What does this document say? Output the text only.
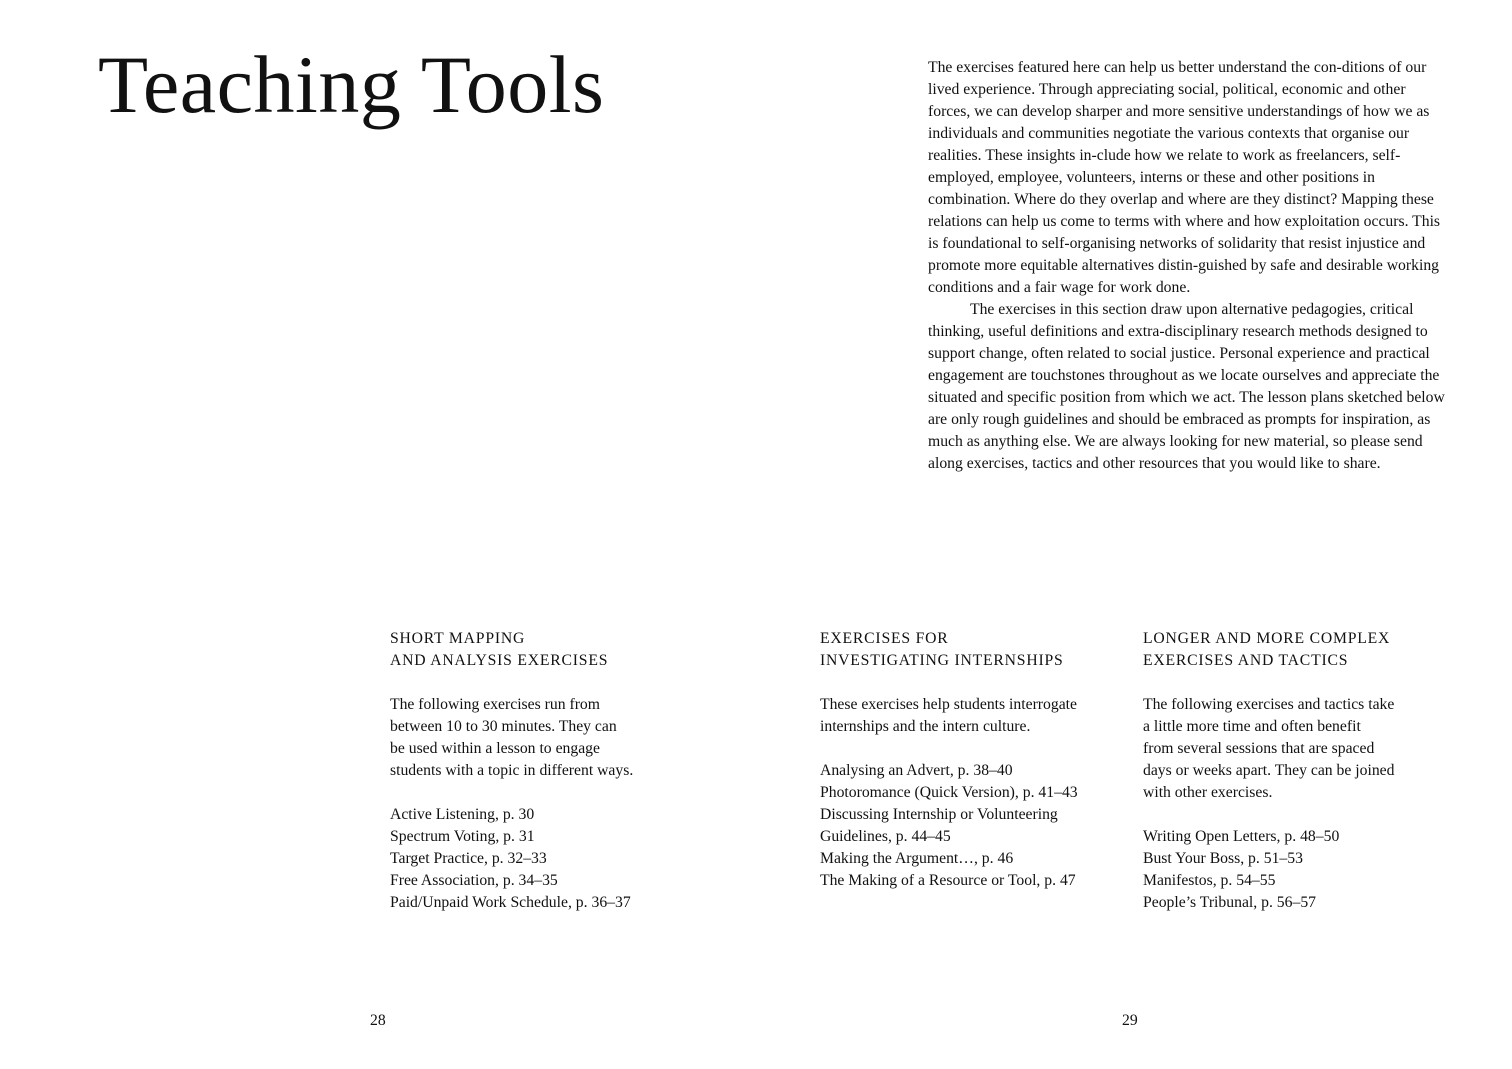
Teaching Tools	The exercises featured here can help us better understand the con-ditions of our lived experience. Through appreciating social, political, economic and other forces, we can develop sharper and more sensitive understandings of how we as individuals and communities negotiate the various contexts that organise our realities. These insights in-clude how we relate to work as freelancers, self-employed, employee, volunteers, interns or these and other positions in combination. Where do they overlap and where are they distinct? Mapping these relations can help us come to terms with where and how exploitation occurs. This is foundational to self-organising networks of solidarity that resist injustice and promote more equitable alternatives distin-guished by safe and desirable working conditions and a fair wage for work done.

The exercises in this section draw upon alternative pedagogies, critical thinking, useful definitions and extra-disciplinary research methods designed to support change, often related to social justice. Personal experience and practical engagement are touchstones throughout as we locate ourselves and appreciate the situated and specific position from which we act. The lesson plans sketched below are only rough guidelines and should be embraced as prompts for inspiration, as much as anything else. We are always looking for new material, so please send along exercises, tactics and other resources that you would like to share.

SHORT MAPPING
AND ANALYSIS EXERCISES

The following exercises run from
between 10 to 30 minutes. They can
be used within a lesson to engage
students with a topic in different ways.

Active Listening, p. 30
Spectrum Voting, p. 31
Target Practice, p. 32–33
Free Association, p. 34–35
Paid/Unpaid Work Schedule, p. 36–37
EXERCISES FOR
INVESTIGATING INTERNSHIPS

These exercises help students interrogate
internships and the intern culture.

Analysing an Advert, p. 38–40
Photoromance (Quick Version), p. 41–43
Discussing Internship or Volunteering
Guidelines, p. 44–45
Making the Argument…, p. 46
The Making of a Resource or Tool, p. 47
LONGER AND MORE COMPLEX
EXERCISES AND TACTICS

The following exercises and tactics take
a little more time and often benefit
from several sessions that are spaced
days or weeks apart. They can be joined
with other exercises.

Writing Open Letters, p. 48–50
Bust Your Boss, p. 51–53
Manifestos, p. 54–55
People’s Tribunal, p. 56–57
28	29
